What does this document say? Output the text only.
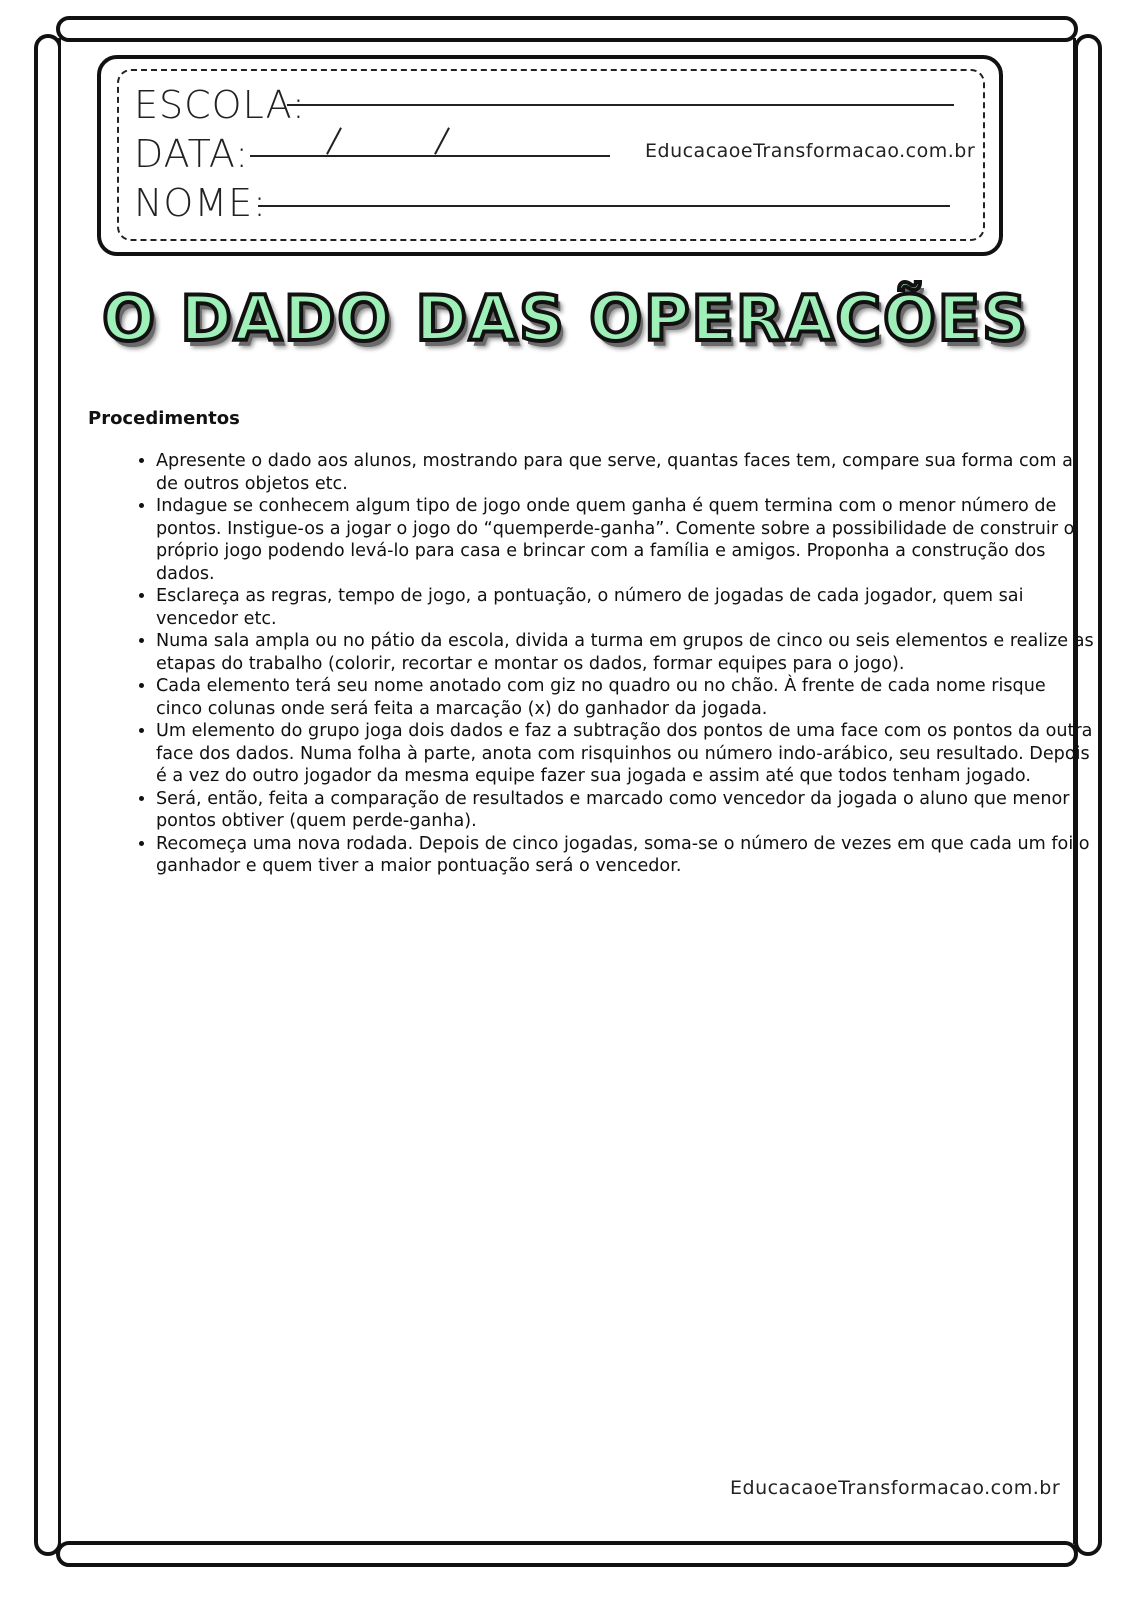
ESCOLA:
DATA:	EducacaoeTransformacao.com.br
NOME:
O DADO DAS OPERACÕES
Procedimentos
• Apresente o dado aos alunos, mostrando para que serve, quantas faces tem, compare sua forma com a de outros objetos etc.
• Indague se conhecem algum tipo de jogo onde quem ganha é quem termina com o menor número de pontos. Instigue-os a jogar o jogo do “quemperde-ganha”. Comente sobre a possibilidade de construir o próprio jogo podendo levá-lo para casa e brincar com a família e amigos. Proponha a construção dos dados.
• Esclareça as regras, tempo de jogo, a pontuação, o número de jogadas de cada jogador, quem sai vencedor etc.
• Numa sala ampla ou no pátio da escola, divida a turma em grupos de cinco ou seis elementos e realize as etapas do trabalho (colorir, recortar e montar os dados, formar equipes para o jogo).
• Cada elemento terá seu nome anotado com giz no quadro ou no chão. À frente de cada nome risque cinco colunas onde será feita a marcação (x) do ganhador da jogada.
• Um elemento do grupo joga dois dados e faz a subtração dos pontos de uma face com os pontos da outra face dos dados. Numa folha à parte, anota com risquinhos ou número indo-arábico, seu resultado. Depois é a vez do outro jogador da mesma equipe fazer sua jogada e assim até que todos tenham jogado.
• Será, então, feita a comparação de resultados e marcado como vencedor da jogada o aluno que menor pontos obtiver (quem perde-ganha).
• Recomeça uma nova rodada. Depois de cinco jogadas, soma-se o número de vezes em que cada um foi o ganhador e quem tiver a maior pontuação será o vencedor.
EducacaoeTransformacao.com.br
